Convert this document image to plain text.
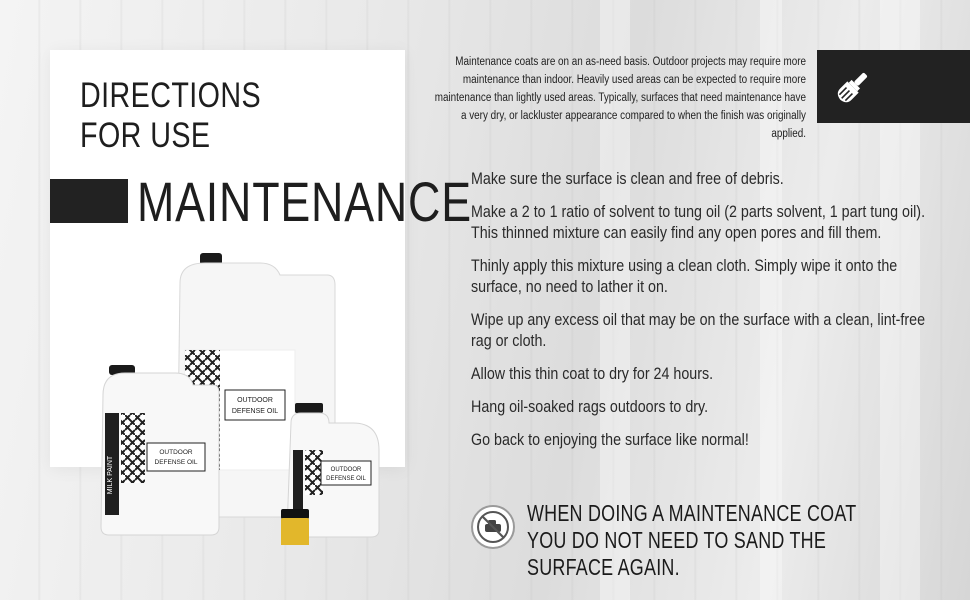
DIRECTIONS
FOR USE
MAINTENANCE
Maintenance coats are on an as-need basis. Outdoor projects may require more maintenance than indoor. Heavily used areas can be expected to require more maintenance than lightly used areas. Typically, surfaces that need maintenance have a very dry, or lackluster appearance compared to when the finish was originally applied.

Make sure the surface is clean and free of debris.

Make a 2 to 1 ratio of solvent to tung oil (2 parts solvent, 1 part tung oil). This thinned mixture can easily find any open pores and fill them.

Thinly apply this mixture using a clean cloth. Simply wipe it onto the surface, no need to lather it on.

Wipe up any excess oil that may be on the surface with a clean, lint-free rag or cloth.

Allow this thin coat to dry for 24 hours.

Hang oil-soaked rags outdoors to dry.

Go back to enjoying the surface like normal!

WHEN DOING A MAINTENANCE COAT YOU DO NOT NEED TO SAND THE SURFACE AGAIN.
OUTDOOR
DEFENSE OIL
MILK PAINT
OUTDOOR
DEFENSE OIL
OUTDOOR
DEFENSE OIL
